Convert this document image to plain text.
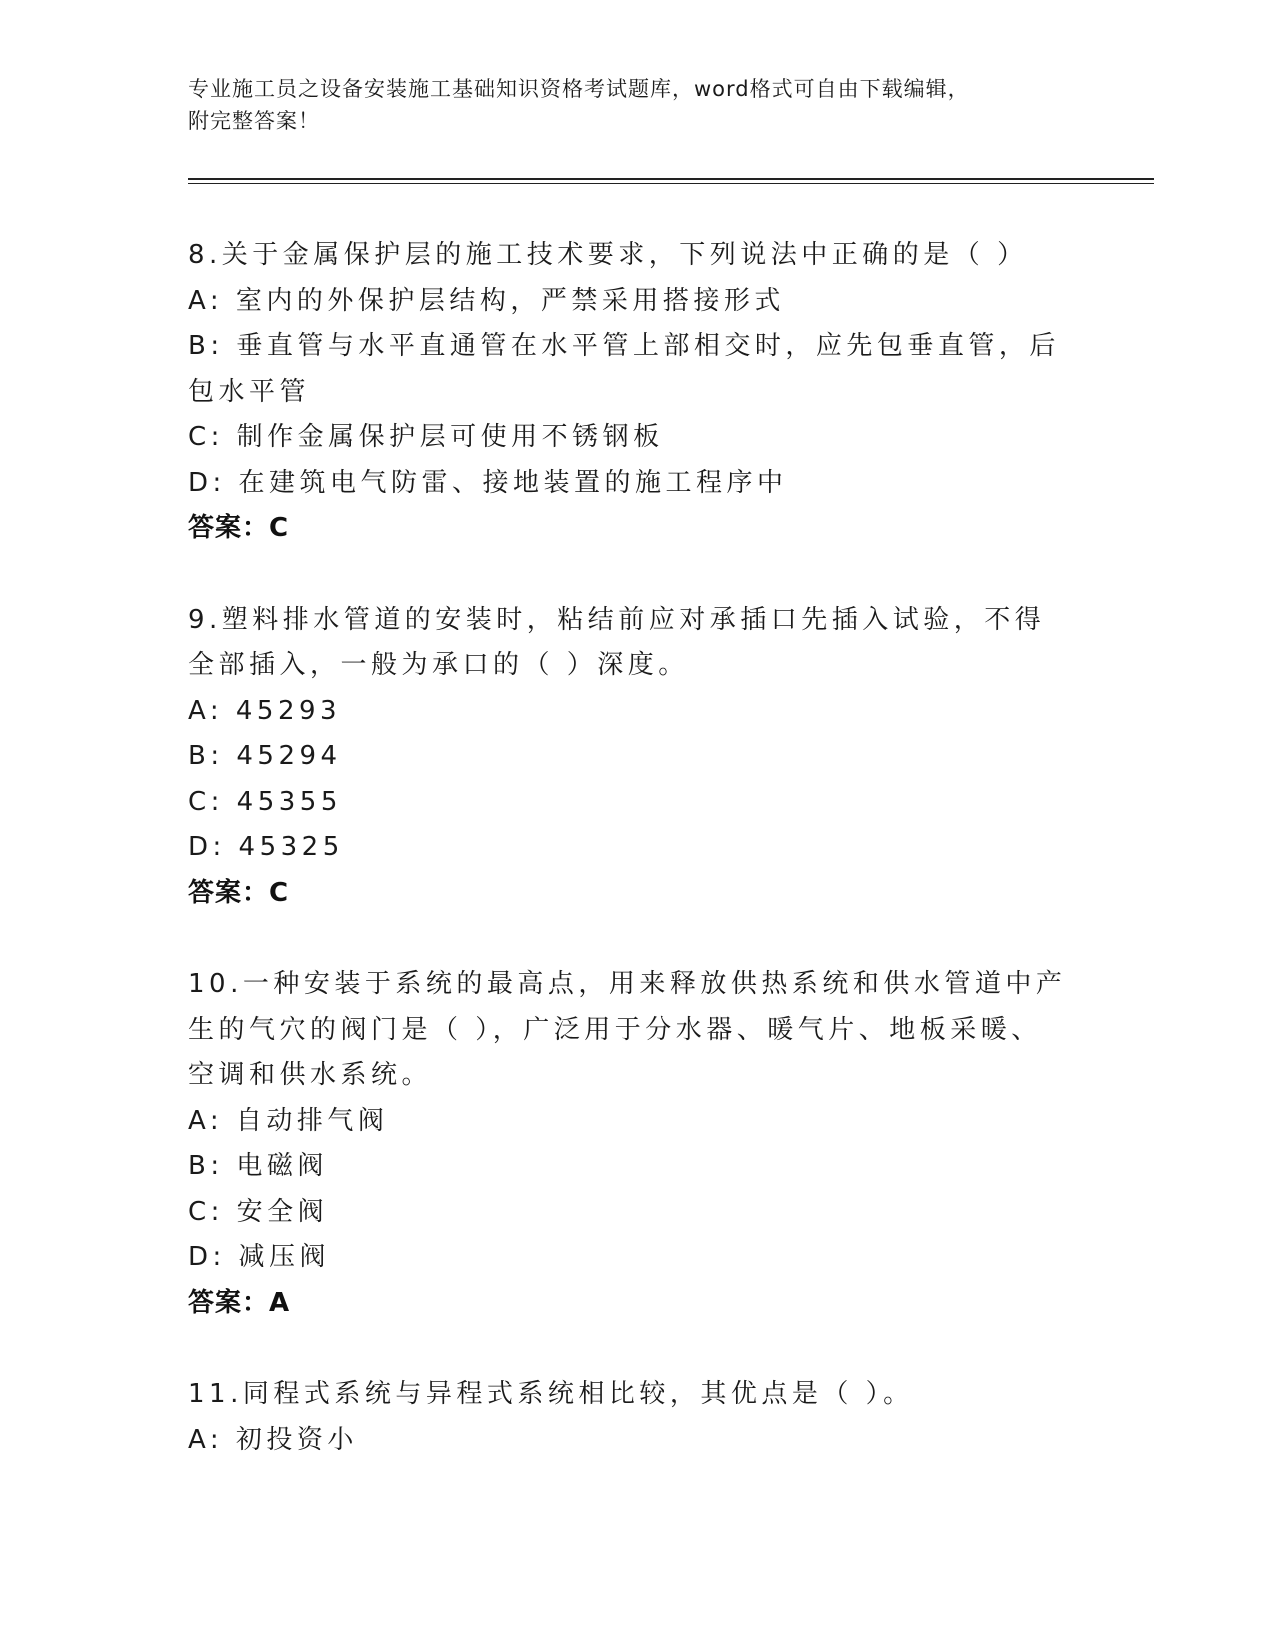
专业施工员之设备安装施工基础知识资格考试题库，word格式可自由下载编辑，
附完整答案！

8.关于金属保护层的施工技术要求，下列说法中正确的是（ ）

A: 室内的外保护层结构，严禁采用搭接形式

B: 垂直管与水平直通管在水平管上部相交时，应先包垂直管，后包水平管

C: 制作金属保护层可使用不锈钢板

D: 在建筑电气防雷、接地装置的施工程序中

答案：C

9.塑料排水管道的安装时，粘结前应对承插口先插入试验，不得全部插入，一般为承口的（ ）深度。

A: 45293

B: 45294

C: 45355

D: 45325

答案：C

10.一种安装于系统的最高点，用来释放供热系统和供水管道中产生的气穴的阀门是（ ），广泛用于分水器、暖气片、地板采暖、空调和供水系统。

A: 自动排气阀

B: 电磁阀

C: 安全阀

D: 减压阀

答案：A

11.同程式系统与异程式系统相比较，其优点是（ ）。

A: 初投资小
